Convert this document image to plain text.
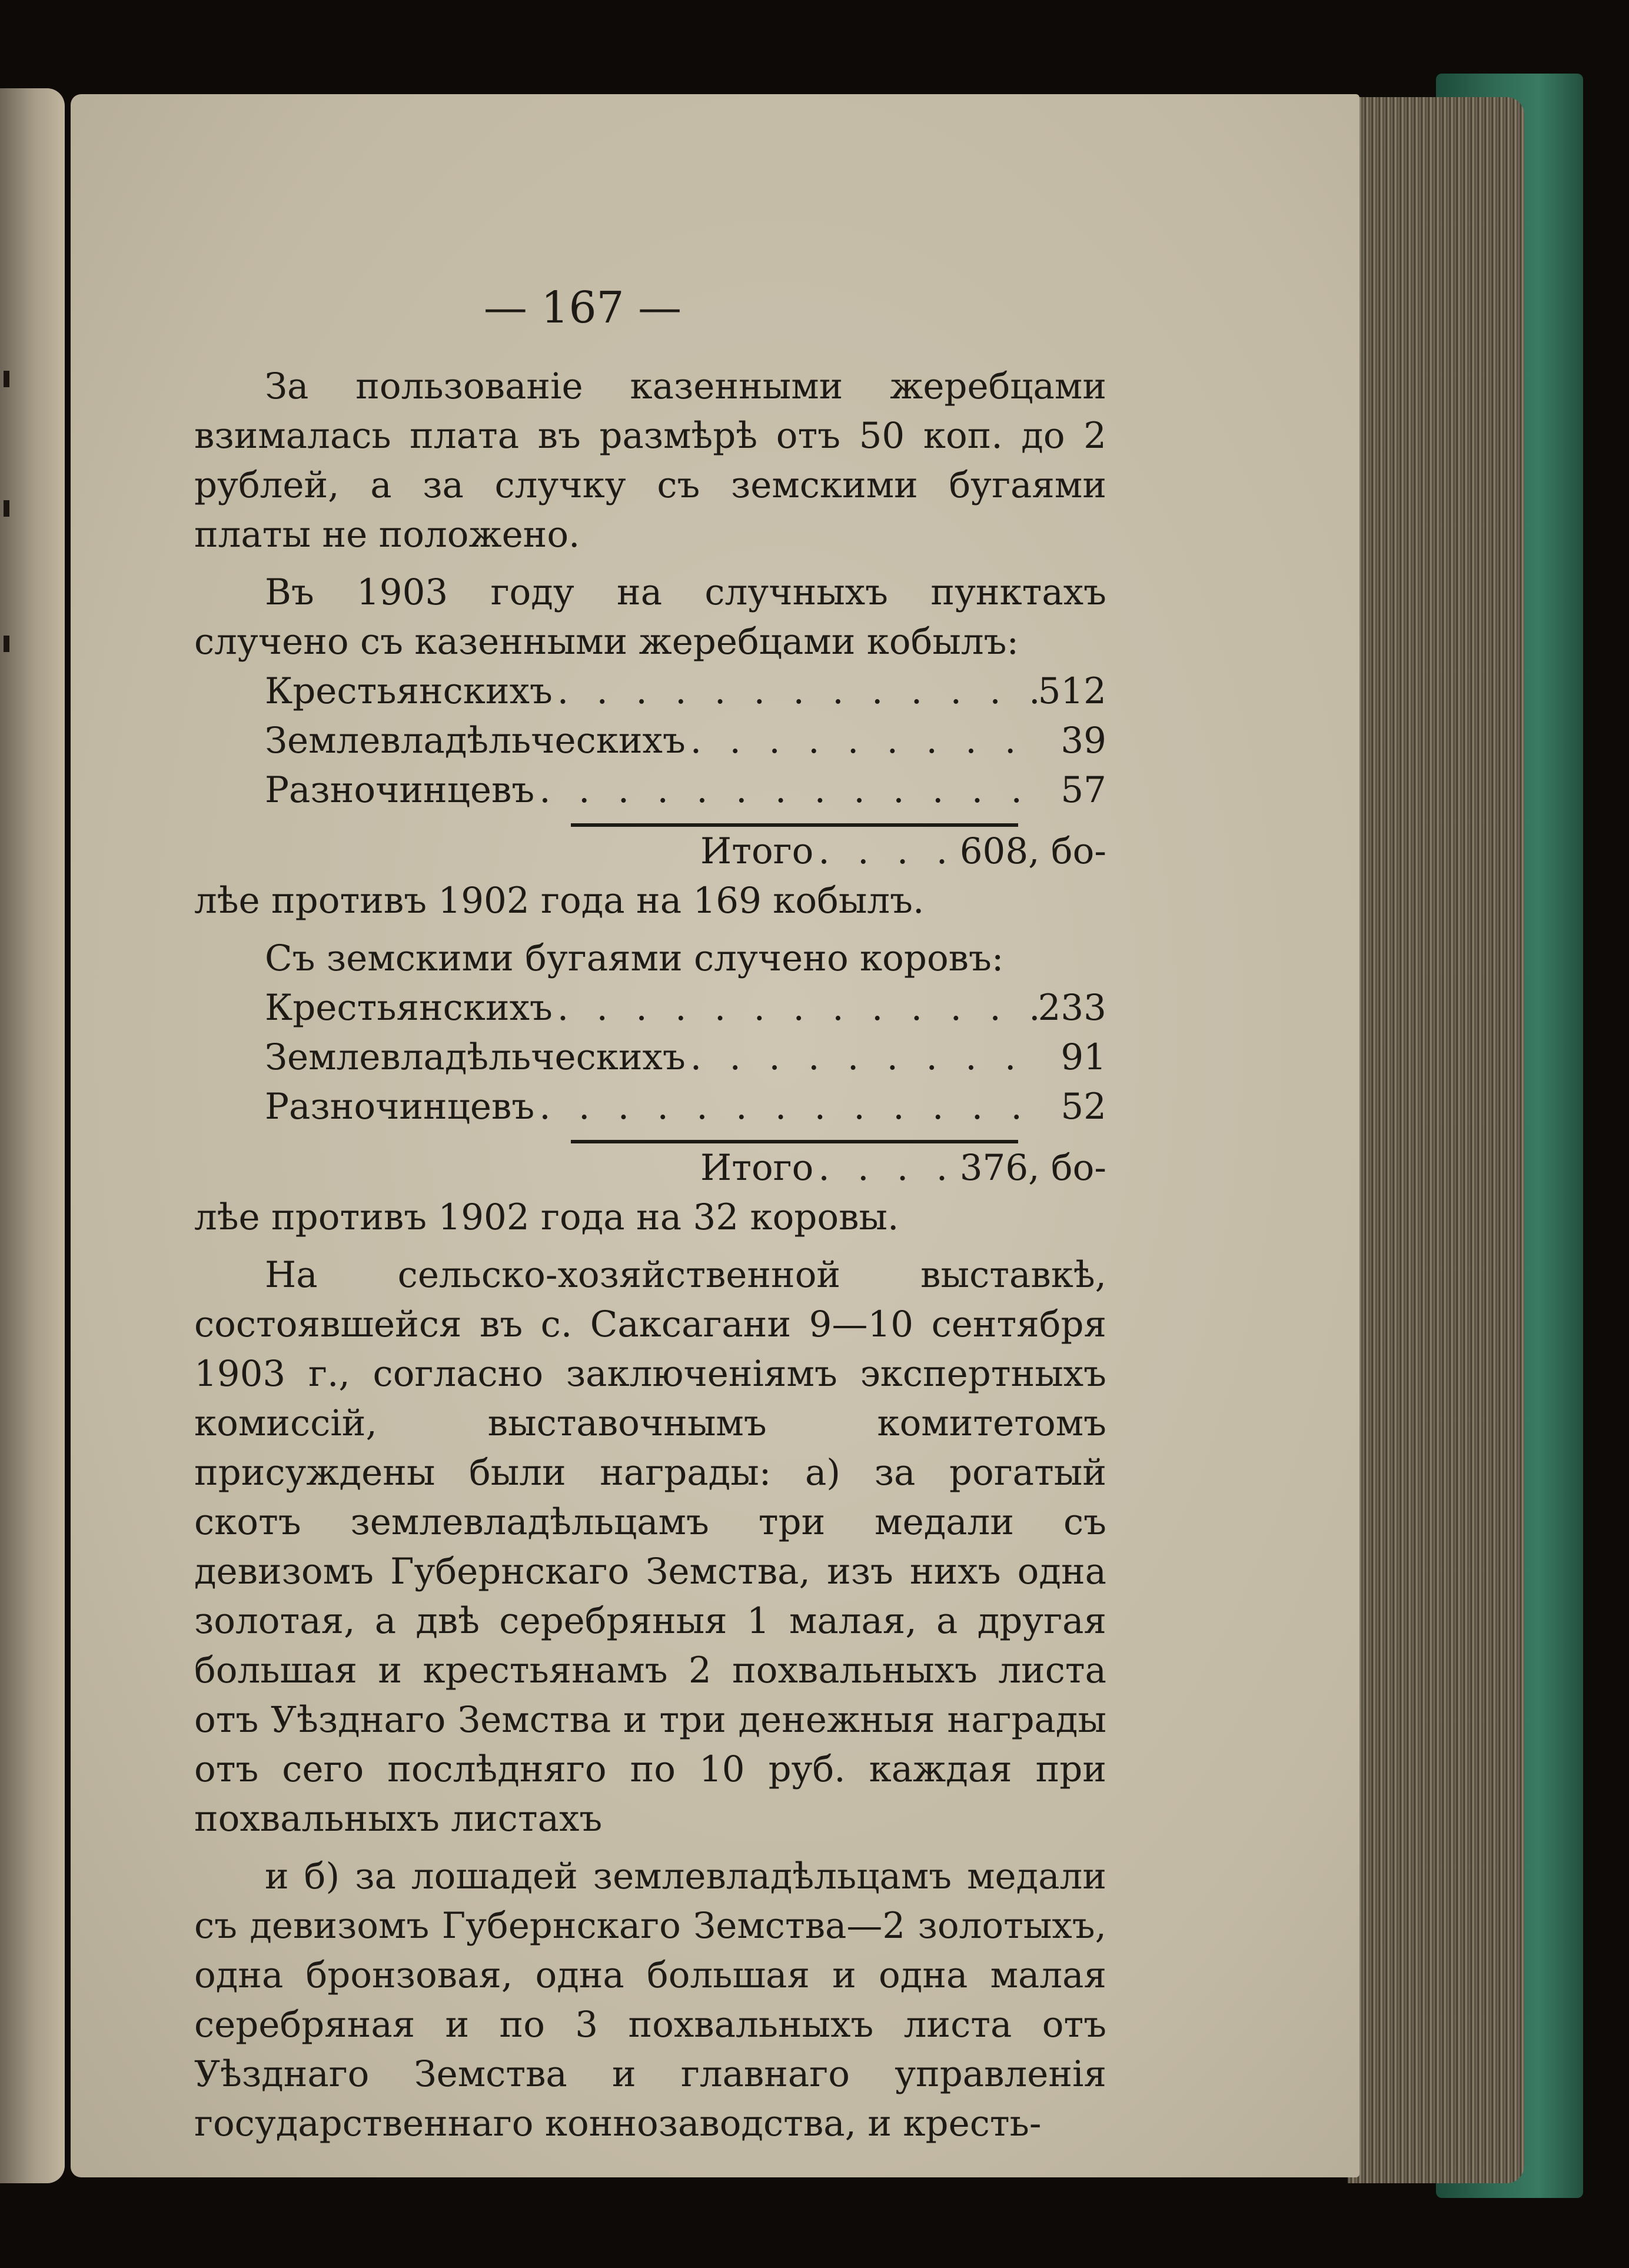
— 167 —

За пользованіе казенными жеребцами взималась плата въ размѣрѣ отъ 50 коп. до 2 рублей, а за случку съ земскими бугаями платы не положено.

Въ 1903 году на случныхъ пунктахъ случено съ казенными жеребцами кобылъ:

Крестьянскихъ . . .	512
Землевладѣльческихъ . . .	39
Разночинцевъ . . .	57
Итого . . .	608, бо-

лѣе противъ 1902 года на 169 кобылъ.

Съ земскими бугаями случено коровъ:

Крестьянскихъ . . .	233
Землевладѣльческихъ . . .	91
Разночинцевъ . . .	52
Итого . . .	376, бо-

лѣе противъ 1902 года на 32 коровы.

На сельско-хозяйственной выставкѣ, состоявшейся въ с. Саксагани 9—10 сентября 1903 г., согласно заключеніямъ экспертныхъ комиссій, выставочнымъ комитетомъ присуждены были награды: а) за рогатый скотъ землевладѣльцамъ три медали съ девизомъ Губернскаго Земства, изъ нихъ одна золотая, а двѣ серебряныя 1 малая, а другая большая и крестьянамъ 2 похвальныхъ листа отъ Уѣзднаго Земства и три денежныя награды отъ сего послѣдняго по 10 руб. каждая при похвальныхъ листахъ

и б) за лошадей землевладѣльцамъ медали съ девизомъ Губернскаго Земства—2 золотыхъ, одна бронзовая, одна большая и одна малая серебряная и по 3 похвальныхъ листа отъ Уѣзднаго Земства и главнаго управленія государственнаго коннозаводства, и кресть-
